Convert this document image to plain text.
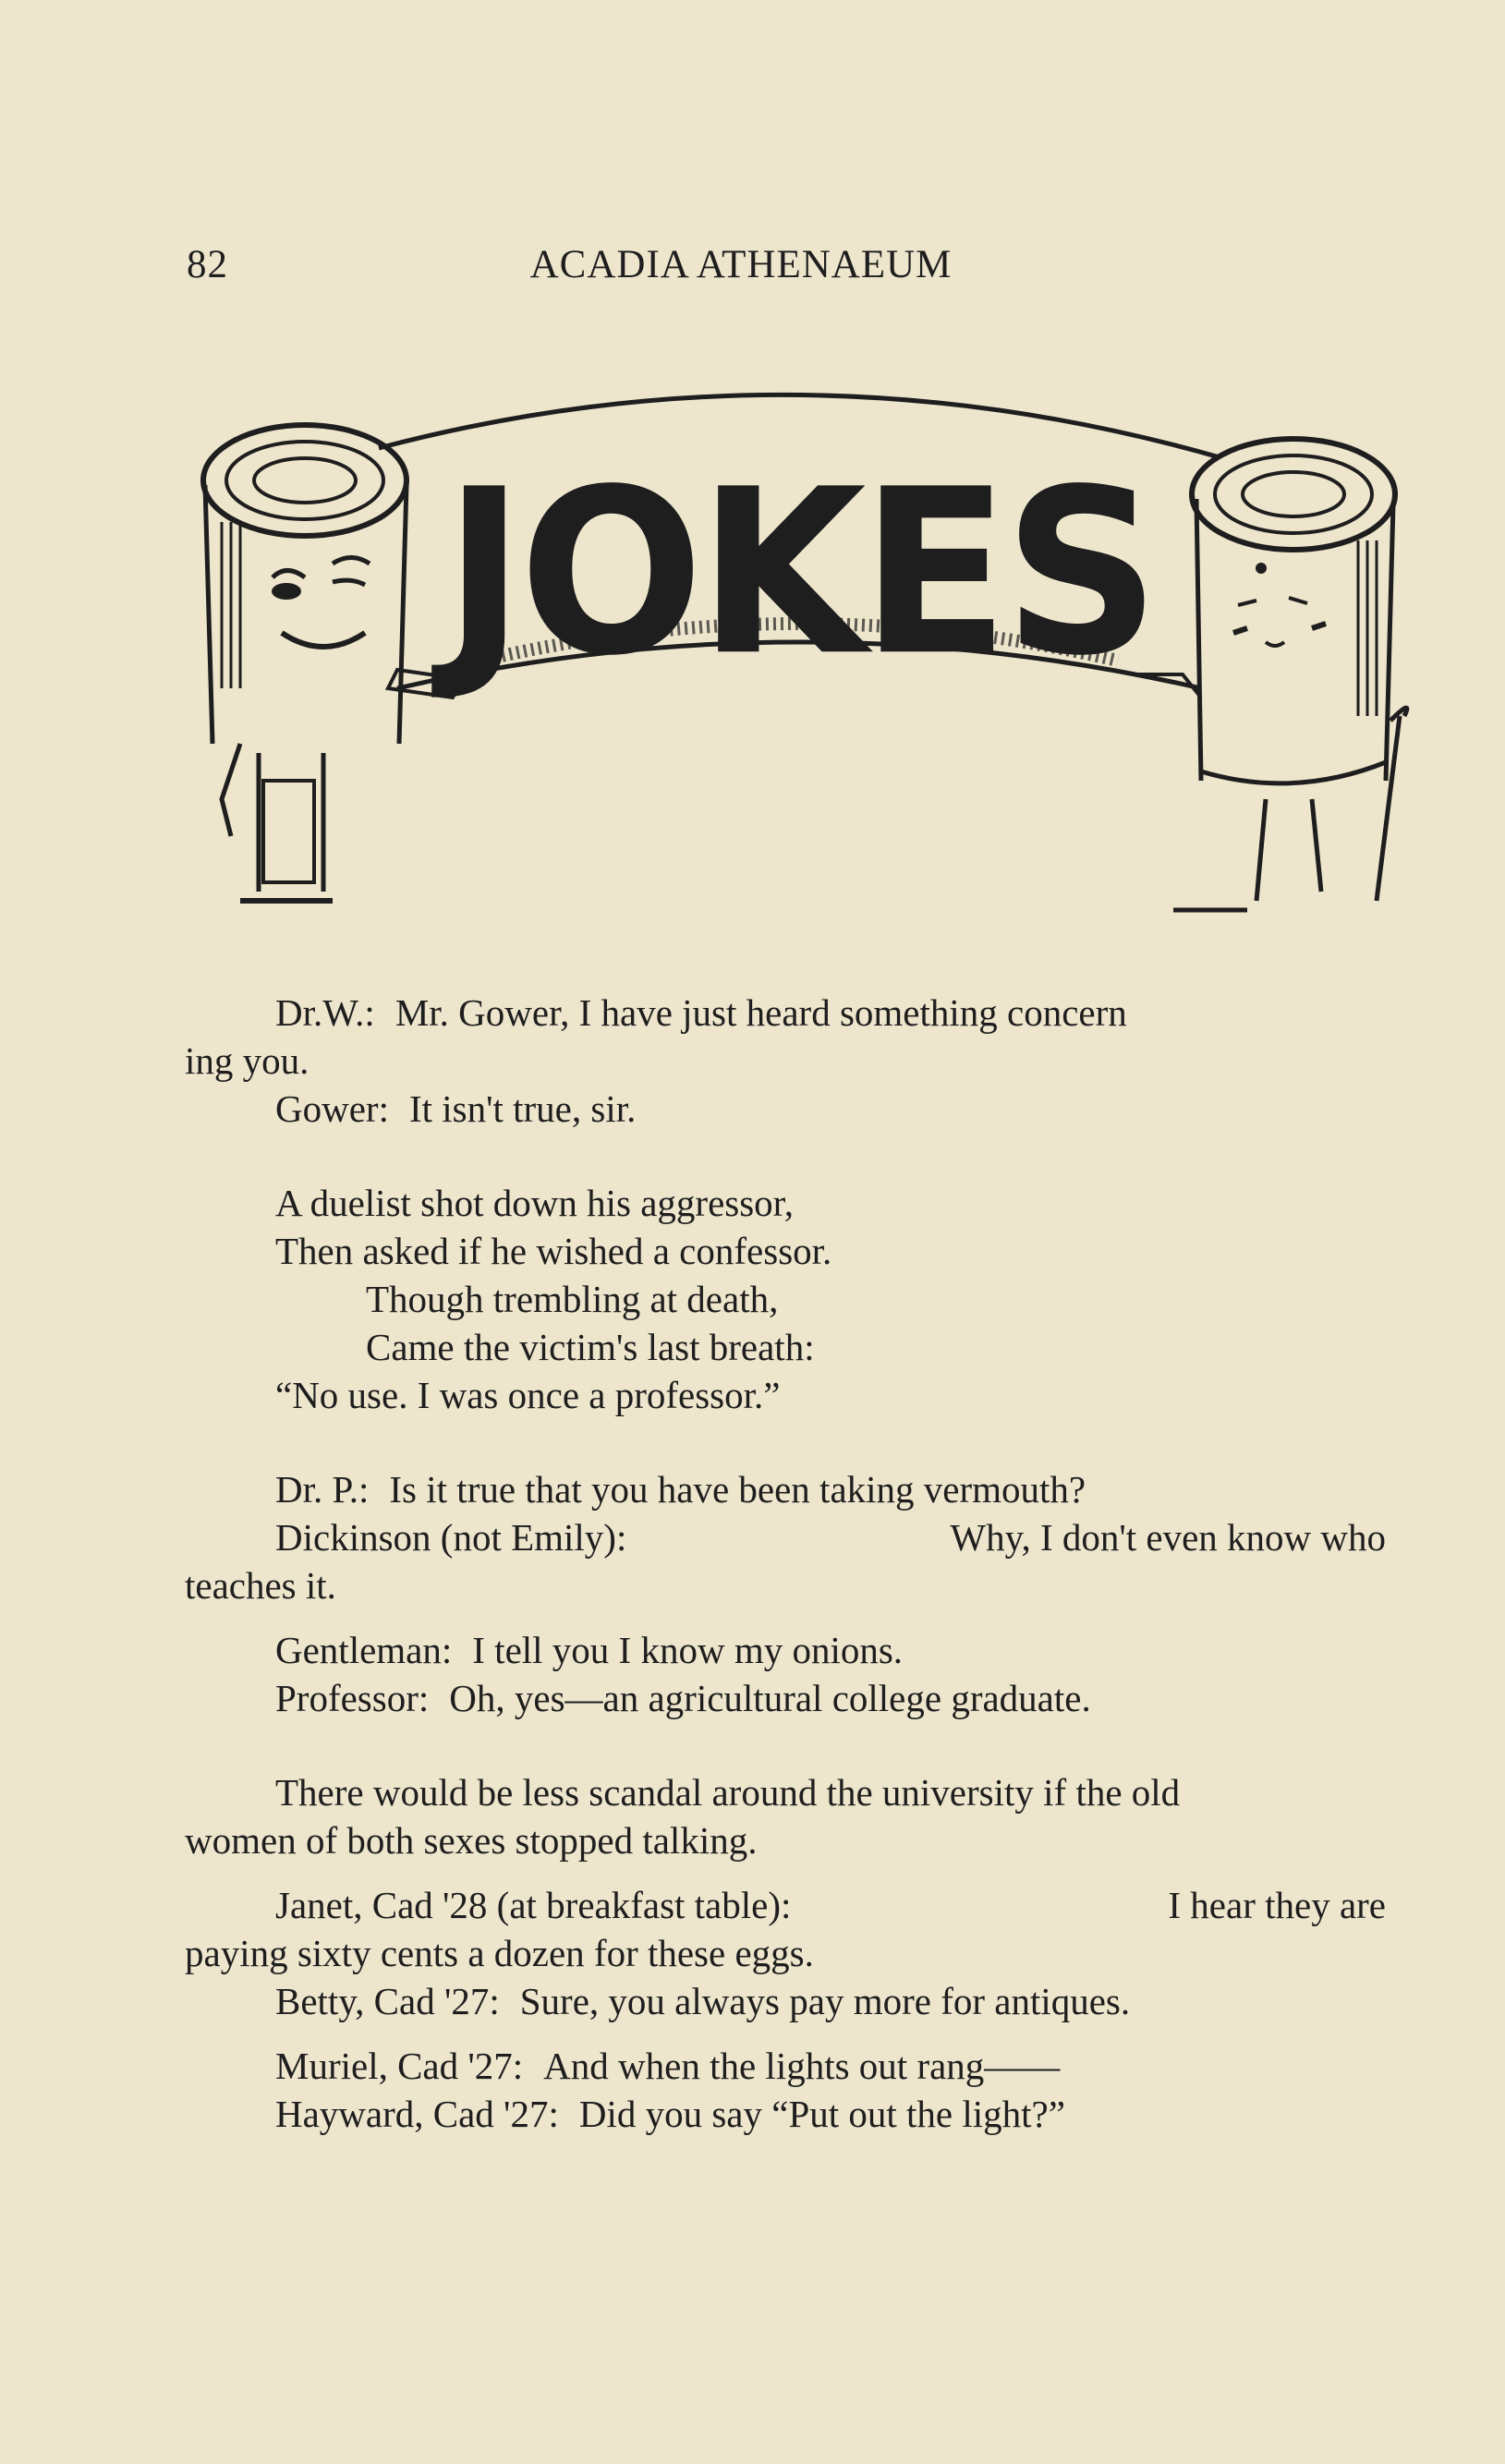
82	ACADIA ATHENAEUM
JOKES
Dr.W.: Mr. Gower, I have just heard something concern
ing you.
Gower: It isn't true, sir.
A duelist shot down his aggressor,
Then asked if he wished a confessor.
Though trembling at death,
Came the victim's last breath:
“No use. I was once a professor.”
Dr. P.: Is it true that you have been taking vermouth?
Dickinson (not Emily):	Why, I don't even know who
teaches it.
Gentleman: I tell you I know my onions.
Professor: Oh, yes—an agricultural college graduate.
There would be less scandal around the university if the old
women of both sexes stopped talking.
Janet, Cad '28 (at breakfast table):	I hear they are
paying sixty cents a dozen for these eggs.
Betty, Cad '27: Sure, you always pay more for antiques.
Muriel, Cad '27: And when the lights out rang——
Hayward, Cad '27: Did you say “Put out the light?”
